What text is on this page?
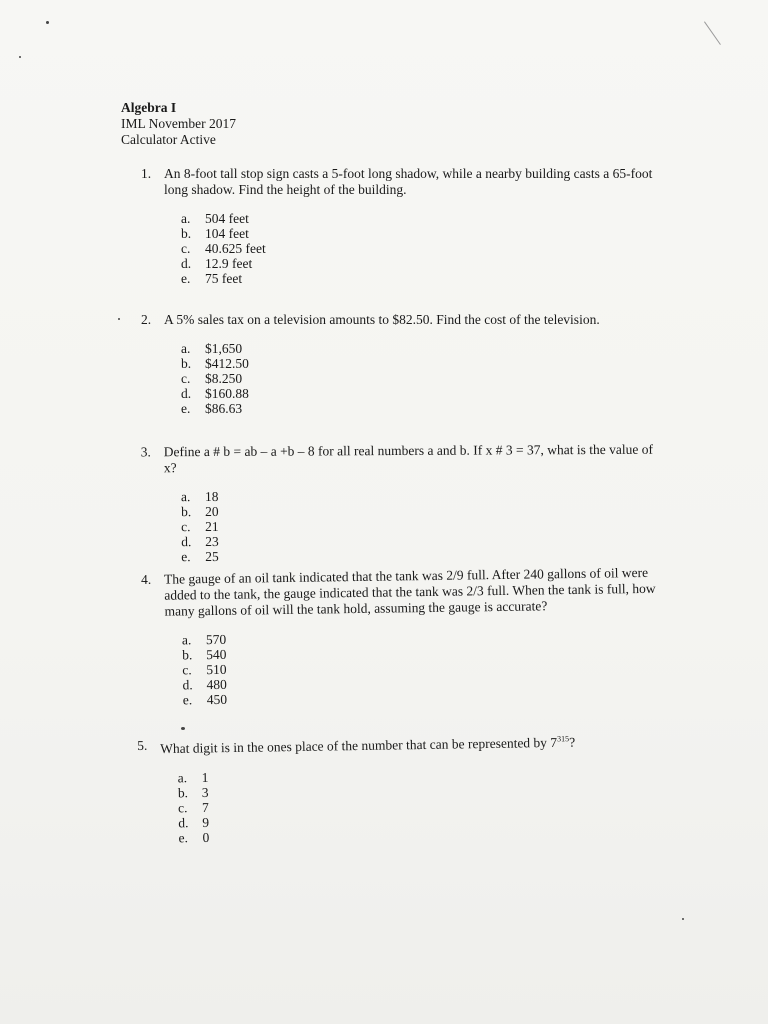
Algebra I
IML November 2017
Calculator Active
1. An 8-foot tall stop sign casts a 5-foot long shadow, while a nearby building casts a 65-foot long shadow. Find the height of the building.
a.	504 feet
b.	104 feet
c.	40.625 feet
d.	12.9 feet
e.	75 feet
2. A 5% sales tax on a television amounts to $82.50. Find the cost of the television.
a.	$1,650
b.	$412.50
c.	$8.250
d.	$160.88
e.	$86.63
3. Define a # b = ab – a +b – 8 for all real numbers a and b. If x # 3 = 37, what is the value of x?
a.	18
b.	20
c.	21
d.	23
e.	25
4. The gauge of an oil tank indicated that the tank was 2/9 full. After 240 gallons of oil were added to the tank, the gauge indicated that the tank was 2/3 full. When the tank is full, how many gallons of oil will the tank hold, assuming the gauge is accurate?
a.	570
b.	540
c.	510
d.	480
e.	450
5. What digit is in the ones place of the number that can be represented by $7^{315}$?
a.	1
b.	3
c.	7
d.	9
e.	0
